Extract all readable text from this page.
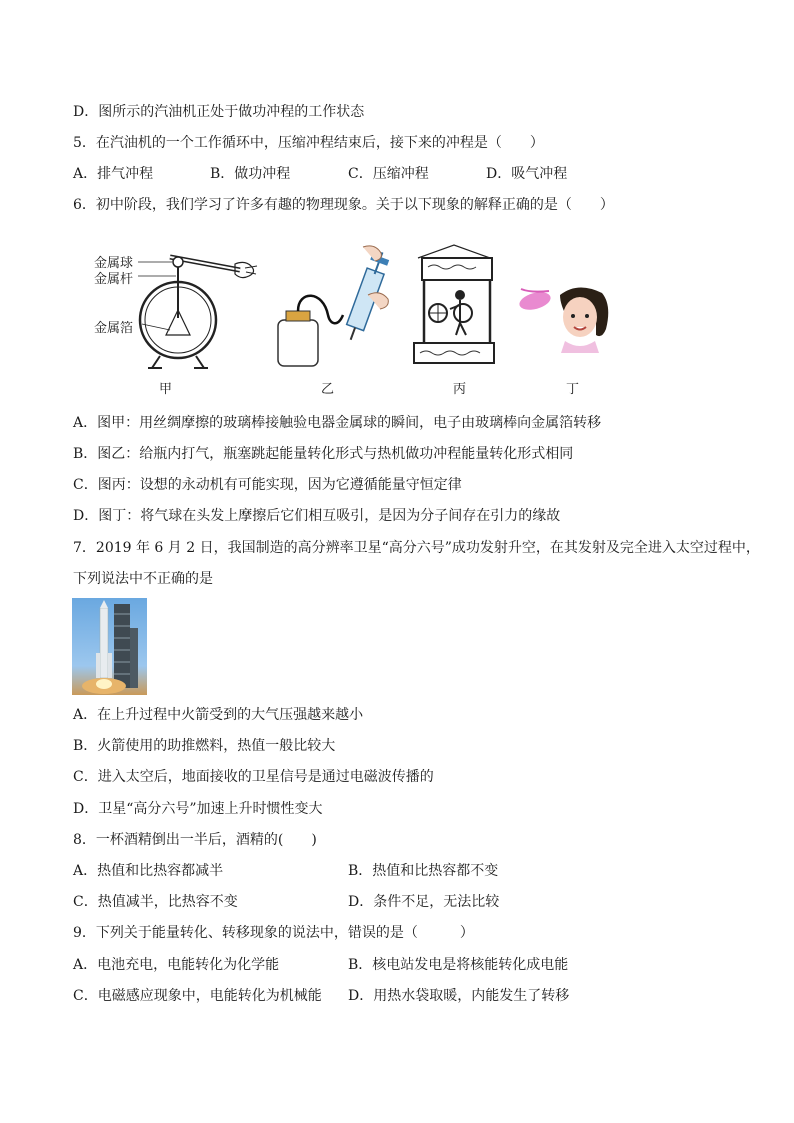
D．图所示的汽油机正处于做功冲程的工作状态
5．在汽油机的一个工作循环中，压缩冲程结束后，接下来的冲程是（　　）
A．排气冲程	B．做功冲程	C．压缩冲程	D．吸气冲程
6．初中阶段，我们学习了许多有趣的物理现象。关于以下现象的解释正确的是（　　）
金属球
金属杆
金属箔
甲	乙	丙	丁
A．图甲：用丝绸摩擦的玻璃棒接触验电器金属球的瞬间，电子由玻璃棒向金属箔转移
B．图乙：给瓶内打气，瓶塞跳起能量转化形式与热机做功冲程能量转化形式相同
C．图丙：设想的永动机有可能实现，因为它遵循能量守恒定律
D．图丁：将气球在头发上摩擦后它们相互吸引，是因为分子间存在引力的缘故
7．2019 年 6 月 2 日，我国制造的高分辨率卫星“高分六号”成功发射升空，在其发射及完全进入太空过程中，
下列说法中不正确的是
A．在上升过程中火箭受到的大气压强越来越小
B．火箭使用的助推燃料，热值一般比较大
C．进入太空后，地面接收的卫星信号是通过电磁波传播的
D．卫星“高分六号”加速上升时惯性变大
8．一杯酒精倒出一半后，酒精的(　　)
A．热值和比热容都减半	B．热值和比热容都不变
C．热值减半，比热容不变	D．条件不足，无法比较
9．下列关于能量转化、转移现象的说法中，错误的是（　　　）
A．电池充电，电能转化为化学能	B．核电站发电是将核能转化成电能
C．电磁感应现象中，电能转化为机械能 D．用热水袋取暖，内能发生了转移
